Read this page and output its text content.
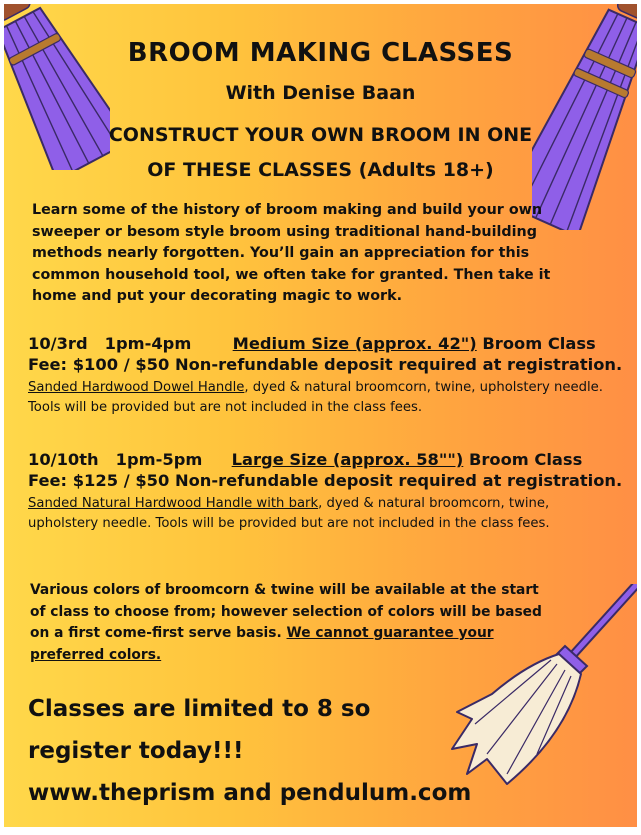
BROOM MAKING CLASSES
With Denise Baan
CONSTRUCT YOUR OWN BROOM IN ONE
OF THESE CLASSES (Adults 18+)
Learn some of the history of broom making and build your own sweeper or besom style broom using traditional hand-building methods nearly forgotten. You’ll gain an appreciation for this common household tool, we often take for granted. Then take it home and put your decorating magic to work.
10/3rd 1pm-4pm	Medium Size (approx. 42") Broom Class
Fee: $100 / $50 Non-refundable deposit required at registration.
Sanded Hardwood Dowel Handle, dyed & natural broomcorn, twine, upholstery needle. Tools will be provided but are not included in the class fees.
10/10th 1pm-5pm Large Size (approx. 58"") Broom Class
Fee: $125 / $50 Non-refundable deposit required at registration.
Sanded Natural Hardwood Handle with bark, dyed & natural broomcorn, twine, upholstery needle. Tools will be provided but are not included in the class fees.
Various colors of broomcorn & twine will be available at the start of class to choose from; however selection of colors will be based on a first come-first serve basis. We cannot guarantee your preferred colors.
Classes are limited to 8 so
register today!!!
www.theprism and pendulum.com
